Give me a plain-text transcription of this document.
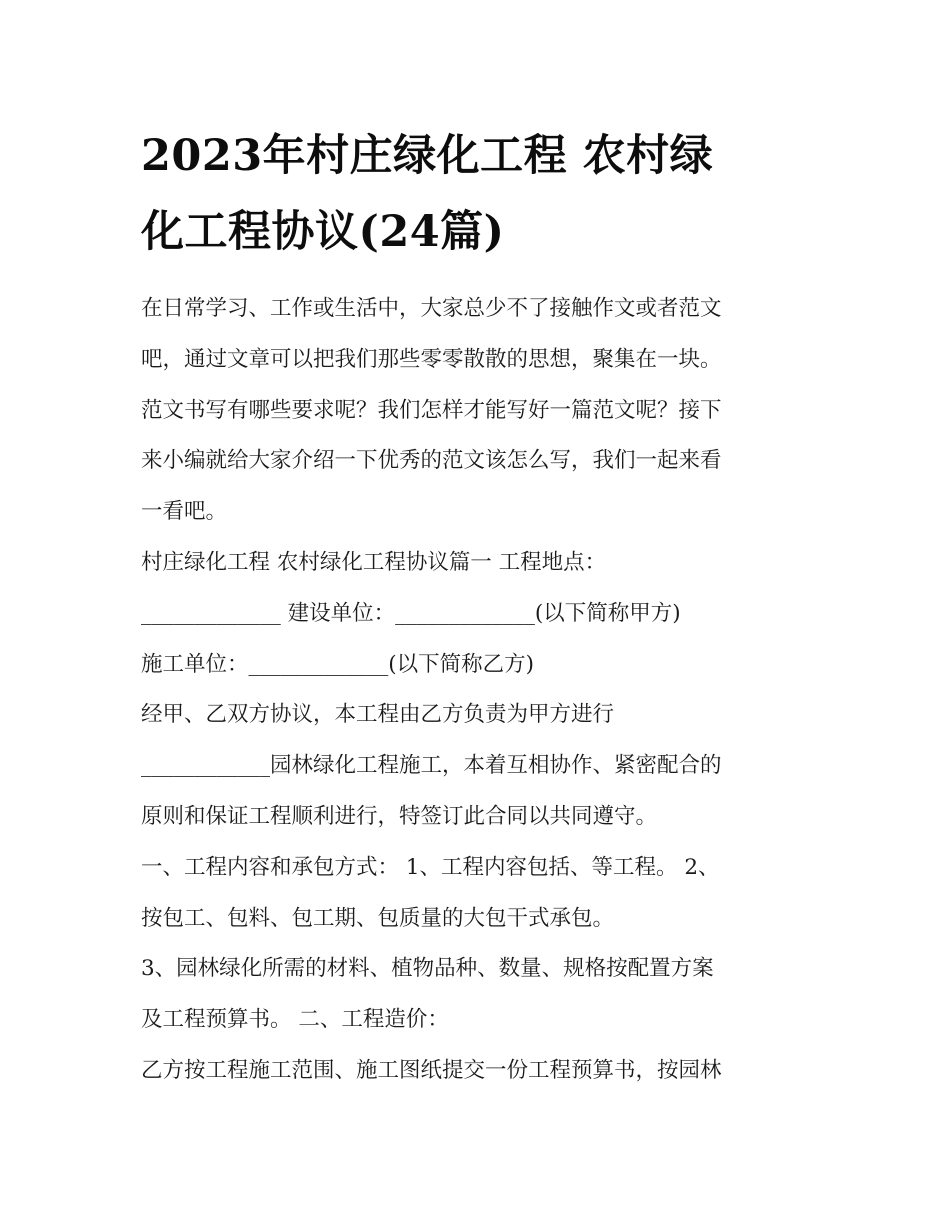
2023年村庄绿化工程 农村绿
化工程协议(24篇)
在日常学习、工作或生活中，大家总少不了接触作文或者范文
吧，通过文章可以把我们那些零零散散的思想，聚集在一块。
范文书写有哪些要求呢？我们怎样才能写好一篇范文呢？接下
来小编就给大家介绍一下优秀的范文该怎么写，我们一起来看
一看吧。
村庄绿化工程 农村绿化工程协议篇一 工程地点：
_____________ 建设单位：_____________(以下简称甲方)
施工单位：_____________(以下简称乙方)
经甲、乙双方协议，本工程由乙方负责为甲方进行
____________园林绿化工程施工，本着互相协作、紧密配合的
原则和保证工程顺利进行，特签订此合同以共同遵守。
一、工程内容和承包方式： 1、工程内容包括、等工程。 2、
按包工、包料、包工期、包质量的大包干式承包。
3、园林绿化所需的材料、植物品种、数量、规格按配置方案
及工程预算书。 二、工程造价：
乙方按工程施工范围、施工图纸提交一份工程预算书，按园林
